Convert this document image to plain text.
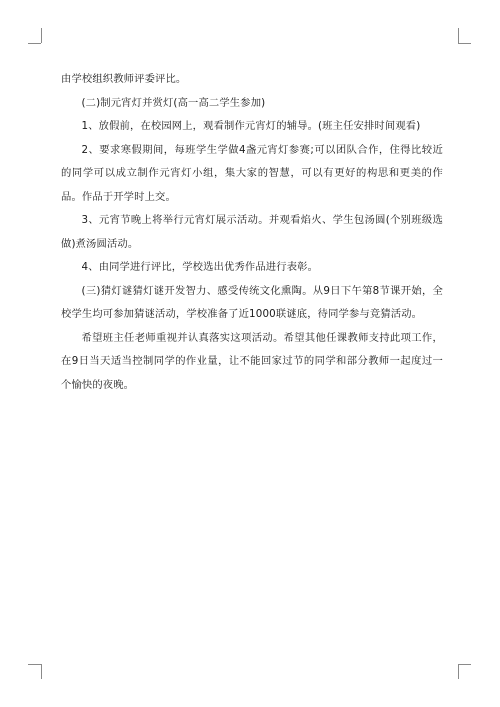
由学校组织教师评委评比。

(二)制元宵灯并赏灯(高一高二学生参加)

1、放假前，在校园网上，观看制作元宵灯的辅导。(班主任安排时间观看)

2、要求寒假期间，每班学生学做4盏元宵灯参赛;可以团队合作，住得比较近的同学可以成立制作元宵灯小组，集大家的智慧，可以有更好的构思和更美的作品。作品于开学时上交。

3、元宵节晚上将举行元宵灯展示活动。并观看焰火、学生包汤圆(个别班级选做)煮汤圆活动。

4、由同学进行评比，学校选出优秀作品进行表彰。

(三)猜灯谜猜灯谜开发智力、感受传统文化熏陶。从9日下午第8节课开始，全校学生均可参加猜谜活动，学校准备了近1000联谜底，待同学参与竞猜活动。

希望班主任老师重视并认真落实这项活动。希望其他任课教师支持此项工作，在9日当天适当控制同学的作业量，让不能回家过节的同学和部分教师一起度过一个愉快的夜晚。
